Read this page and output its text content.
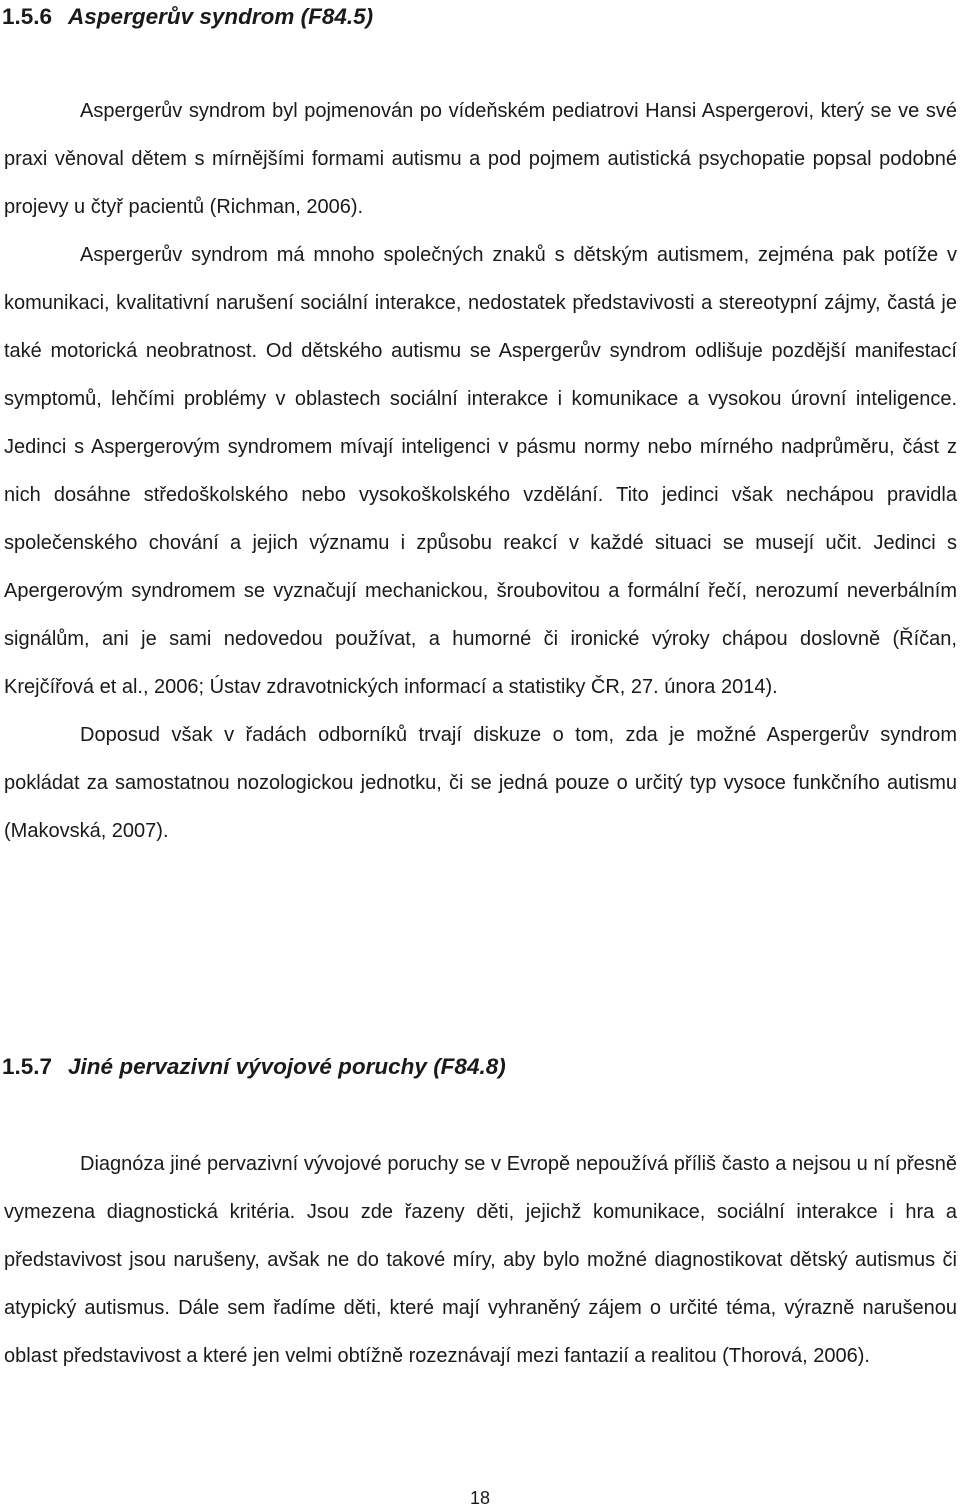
1.5.6 Aspergerův syndrom (F84.5)

Aspergerův syndrom byl pojmenován po vídeňském pediatrovi Hansi Aspergerovi, který se ve své praxi věnoval dětem s mírnějšími formami autismu a pod pojmem autistická psychopatie popsal podobné projevy u čtyř pacientů (Richman, 2006).

Aspergerův syndrom má mnoho společných znaků s dětským autismem, zejména pak potíže v komunikaci, kvalitativní narušení sociální interakce, nedostatek představivosti a stereotypní zájmy, častá je také motorická neobratnost. Od dětského autismu se Aspergerův syndrom odlišuje pozdější manifestací symptomů, lehčími problémy v oblastech sociální interakce i komunikace a vysokou úrovní inteligence. Jedinci s Aspergerovým syndromem mívají inteligenci v pásmu normy nebo mírného nadprůměru, část z nich dosáhne středoškolského nebo vysokoškolského vzdělání. Tito jedinci však nechápou pravidla společenského chování a jejich významu i způsobu reakcí v každé situaci se musejí učit. Jedinci s Apergerovým syndromem se vyznačují mechanickou, šroubovitou a formální řečí, nerozumí neverbálním signálům, ani je sami nedovedou používat, a humorné či ironické výroky chápou doslovně (Říčan, Krejčířová et al., 2006; Ústav zdravotnických informací a statistiky ČR, 27. února 2014).

Doposud však v řadách odborníků trvají diskuze o tom, zda je možné Aspergerův syndrom pokládat za samostatnou nozologickou jednotku, či se jedná pouze o určitý typ vysoce funkčního autismu (Makovská, 2007).

1.5.7 Jiné pervazivní vývojové poruchy (F84.8)

Diagnóza jiné pervazivní vývojové poruchy se v Evropě nepoužívá příliš často a nejsou u ní přesně vymezena diagnostická kritéria. Jsou zde řazeny děti, jejichž komunikace, sociální interakce i hra a představivost jsou narušeny, avšak ne do takové míry, aby bylo možné diagnostikovat dětský autismus či atypický autismus. Dále sem řadíme děti, které mají vyhraněný zájem o určité téma, výrazně narušenou oblast představivost a které jen velmi obtížně rozeznávají mezi fantazií a realitou (Thorová, 2006).

18
